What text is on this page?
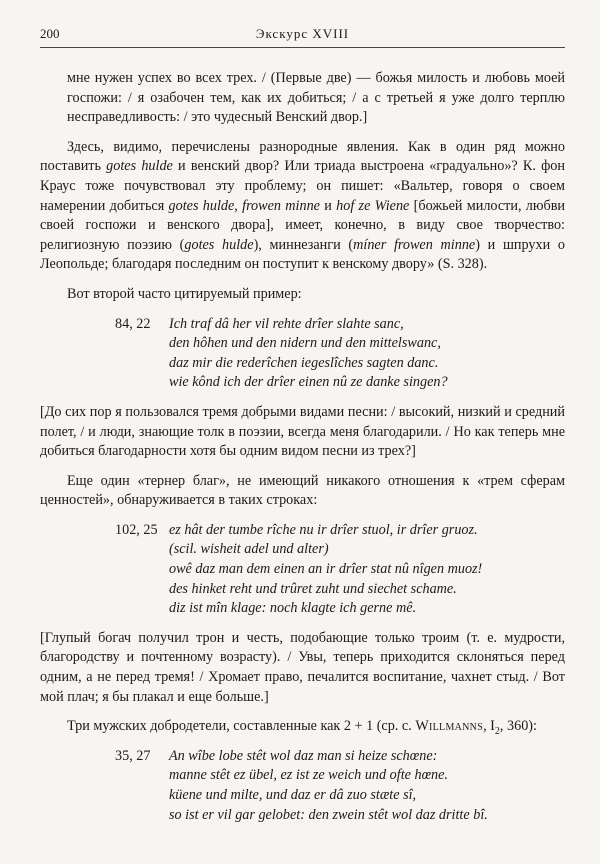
200	Экскурс XVIII

мне нужен успех во всех трех. / (Первые две) — божья милость и любовь моей госпожи: / я озабочен тем, как их добиться; / а с третьей я уже долго терплю несправедливость: / это чудесный Венский двор.]

Здесь, видимо, перечислены разнородные явления. Как в один ряд можно поставить gotes hulde и венский двор? Или триада выстроена «градуально»? К. фон Краус тоже почувствовал эту проблему; он пишет: «Вальтер, говоря о своем намерении добиться gotes hulde, frowen minne и hof ze Wiene [божьей милости, любви своей госпожи и венского двора], имеет, конечно, в виду свое творчество: религиозную поэзию (gotes hulde), миннезанги (míner frowen minne) и шпрухи о Леопольде; благодаря последним он поступит к венскому двору» (S. 328).

Вот второй часто цитируемый пример:

84, 22 Ich traf dâ her vil rehte drîer slahte sanc,
den hôhen und den nidern und den mittelswanc,
daz mir die rederîchen iegeslîches sagten danc.
wie kônd ich der drîer einen nû ze danke singen?

[До сих пор я пользовался тремя добрыми видами песни: / высокий, низкий и средний полет, / и люди, знающие толк в поэзии, всегда меня благодарили. / Но как теперь мне добиться благодарности хотя бы одним видом песни из трех?]

Еще один «тернер благ», не имеющий никакого отношения к «трем сферам ценностей», обнаруживается в таких строках:

102, 25 ez hât der tumbe rîche nu ir drîer stuol, ir drîer gruoz.
(scil. wisheit adel und alter)
owê daz man dem einen an ir drîer stat nû nîgen muoz!
des hinket reht und trûret zuht und siechet schame.
diz ist mîn klage: noch klagte ich gerne mê.

[Глупый богач получил трон и честь, подобающие только троим (т. е. мудрости, благородству и почтенному возрасту). / Увы, теперь приходится склоняться перед одним, а не перед тремя! / Хромает право, печалится воспитание, чахнет стыд. / Вот мой плач; я бы плакал и еще больше.]

Три мужских добродетели, составленные как 2 + 1 (ср. с. Willmanns, $I_2$, 360):

35, 27 An wîbe lobe stêt wol daz man si heize schœne:
manne stêt ez übel, ez ist ze weich und ofte hœne.
küene und milte, und daz er dâ zuo stæte sî,
so ist er vil gar gelobet: den zwein stêt wol daz dritte bî.
